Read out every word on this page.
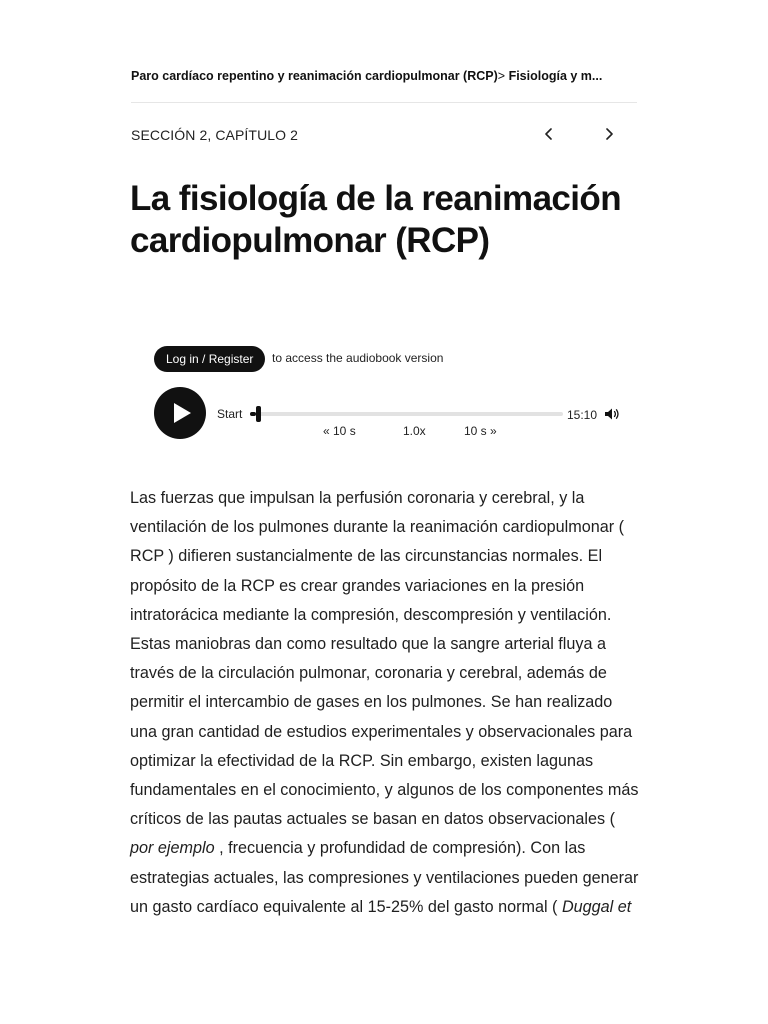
Paro cardíaco repentino y reanimación cardiopulmonar (RCP)> Fisiología y m...
SECCIÓN 2, CAPÍTULO 2
La fisiología de la reanimación cardiopulmonar (RCP)
Log in / Register	to access the audiobook version
Start	15:10
« 10 s	1.0x	10 s »

Las fuerzas que impulsan la perfusión coronaria y cerebral, y la ventilación de los pulmones durante la reanimación cardiopulmonar ( RCP ) difieren sustancialmente de las circunstancias normales. El propósito de la RCP es crear grandes variaciones en la presión intratorácica mediante la compresión, descompresión y ventilación. Estas maniobras dan como resultado que la sangre arterial fluya a través de la circulación pulmonar, coronaria y cerebral, además de permitir el intercambio de gases en los pulmones. Se han realizado una gran cantidad de estudios experimentales y observacionales para optimizar la efectividad de la RCP. Sin embargo, existen lagunas fundamentales en el conocimiento, y algunos de los componentes más críticos de las pautas actuales se basan en datos observacionales ( por ejemplo , frecuencia y profundidad de compresión). Con las estrategias actuales, las compresiones y ventilaciones pueden generar un gasto cardíaco equivalente al 15-25% del gasto normal ( Duggal et
